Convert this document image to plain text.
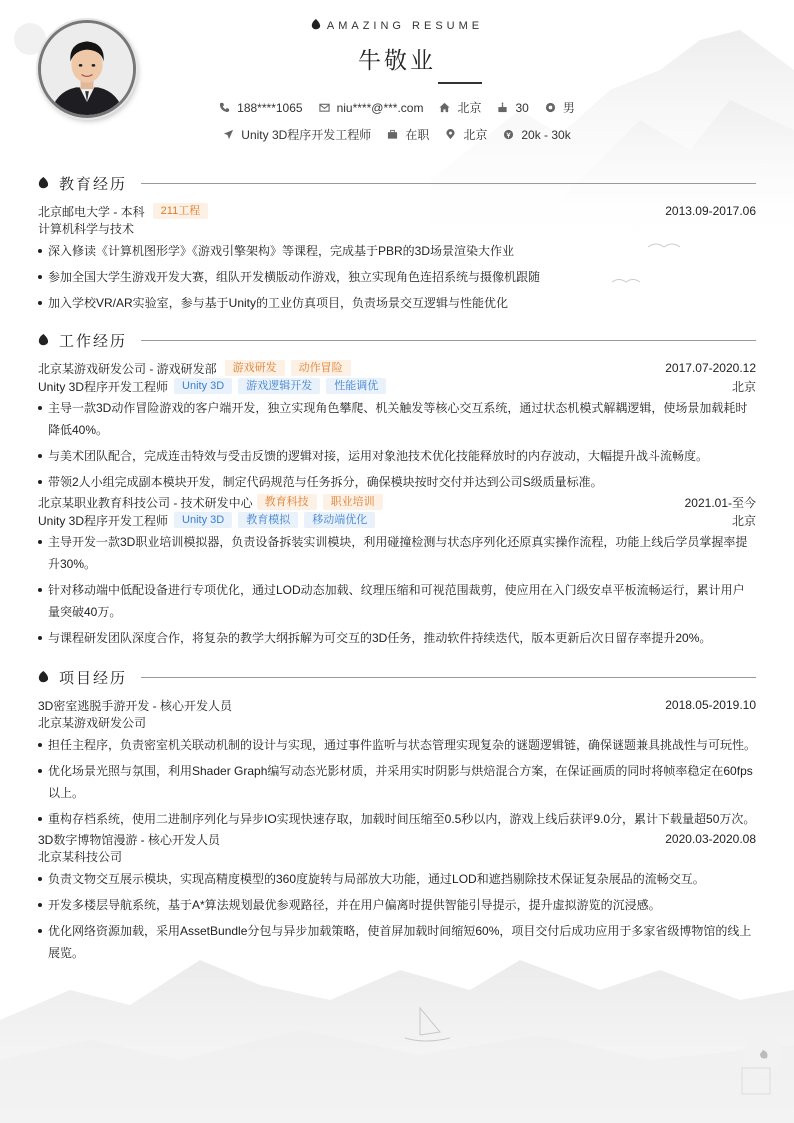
AMAZING RESUME
牛敬业
188****1065	niu****@***.com	北京	30	男
Unity 3D程序开发工程师	在职	北京	20k - 30k
教育经历
北京邮电大学 - 本科	211工程	2013.09-2017.06
计算机科学与技术
深入修读《计算机图形学》《游戏引擎架构》等课程，完成基于PBR的3D场景渲染大作业
参加全国大学生游戏开发大赛，组队开发横版动作游戏，独立实现角色连招系统与摄像机跟随
加入学校VR/AR实验室，参与基于Unity的工业仿真项目，负责场景交互逻辑与性能优化
工作经历
北京某游戏研发公司 - 游戏研发部	游戏研发	动作冒险	2017.07-2020.12
Unity 3D程序开发工程师	Unity 3D	游戏逻辑开发	性能调优	北京
主导一款3D动作冒险游戏的客户端开发，独立实现角色攀爬、机关触发等核心交互系统，通过状态机模式解耦逻辑，使场景加载耗时降低40%。
与美术团队配合，完成连击特效与受击反馈的逻辑对接，运用对象池技术优化技能释放时的内存波动，大幅提升战斗流畅度。
带领2人小组完成副本模块开发，制定代码规范与任务拆分，确保模块按时交付并达到公司S级质量标准。
北京某职业教育科技公司 - 技术研发中心	教育科技	职业培训	2021.01-至今
Unity 3D程序开发工程师	Unity 3D	教育模拟	移动端优化	北京
主导开发一款3D职业培训模拟器，负责设备拆装实训模块，利用碰撞检测与状态序列化还原真实操作流程，功能上线后学员掌握率提升30%。
针对移动端中低配设备进行专项优化，通过LOD动态加载、纹理压缩和可视范围裁剪，使应用在入门级安卓平板流畅运行，累计用户量突破40万。
与课程研发团队深度合作，将复杂的教学大纲拆解为可交互的3D任务，推动软件持续迭代，版本更新后次日留存率提升20%。
项目经历
3D密室逃脱手游开发 - 核心开发人员	2018.05-2019.10
北京某游戏研发公司
担任主程序，负责密室机关联动机制的设计与实现，通过事件监听与状态管理实现复杂的谜题逻辑链，确保谜题兼具挑战性与可玩性。
优化场景光照与氛围，利用Shader Graph编写动态光影材质，并采用实时阴影与烘焙混合方案，在保证画质的同时将帧率稳定在60fps以上。
重构存档系统，使用二进制序列化与异步IO实现快速存取，加载时间压缩至0.5秒以内，游戏上线后获评9.0分，累计下载量超50万次。
3D数字博物馆漫游 - 核心开发人员	2020.03-2020.08
北京某科技公司
负责文物交互展示模块，实现高精度模型的360度旋转与局部放大功能，通过LOD和遮挡剔除技术保证复杂展品的流畅交互。
开发多楼层导航系统，基于A*算法规划最优参观路径，并在用户偏离时提供智能引导提示，提升虚拟游览的沉浸感。
优化网络资源加载，采用AssetBundle分包与异步加载策略，使首屏加载时间缩短60%，项目交付后成功应用于多家省级博物馆的线上展览。
